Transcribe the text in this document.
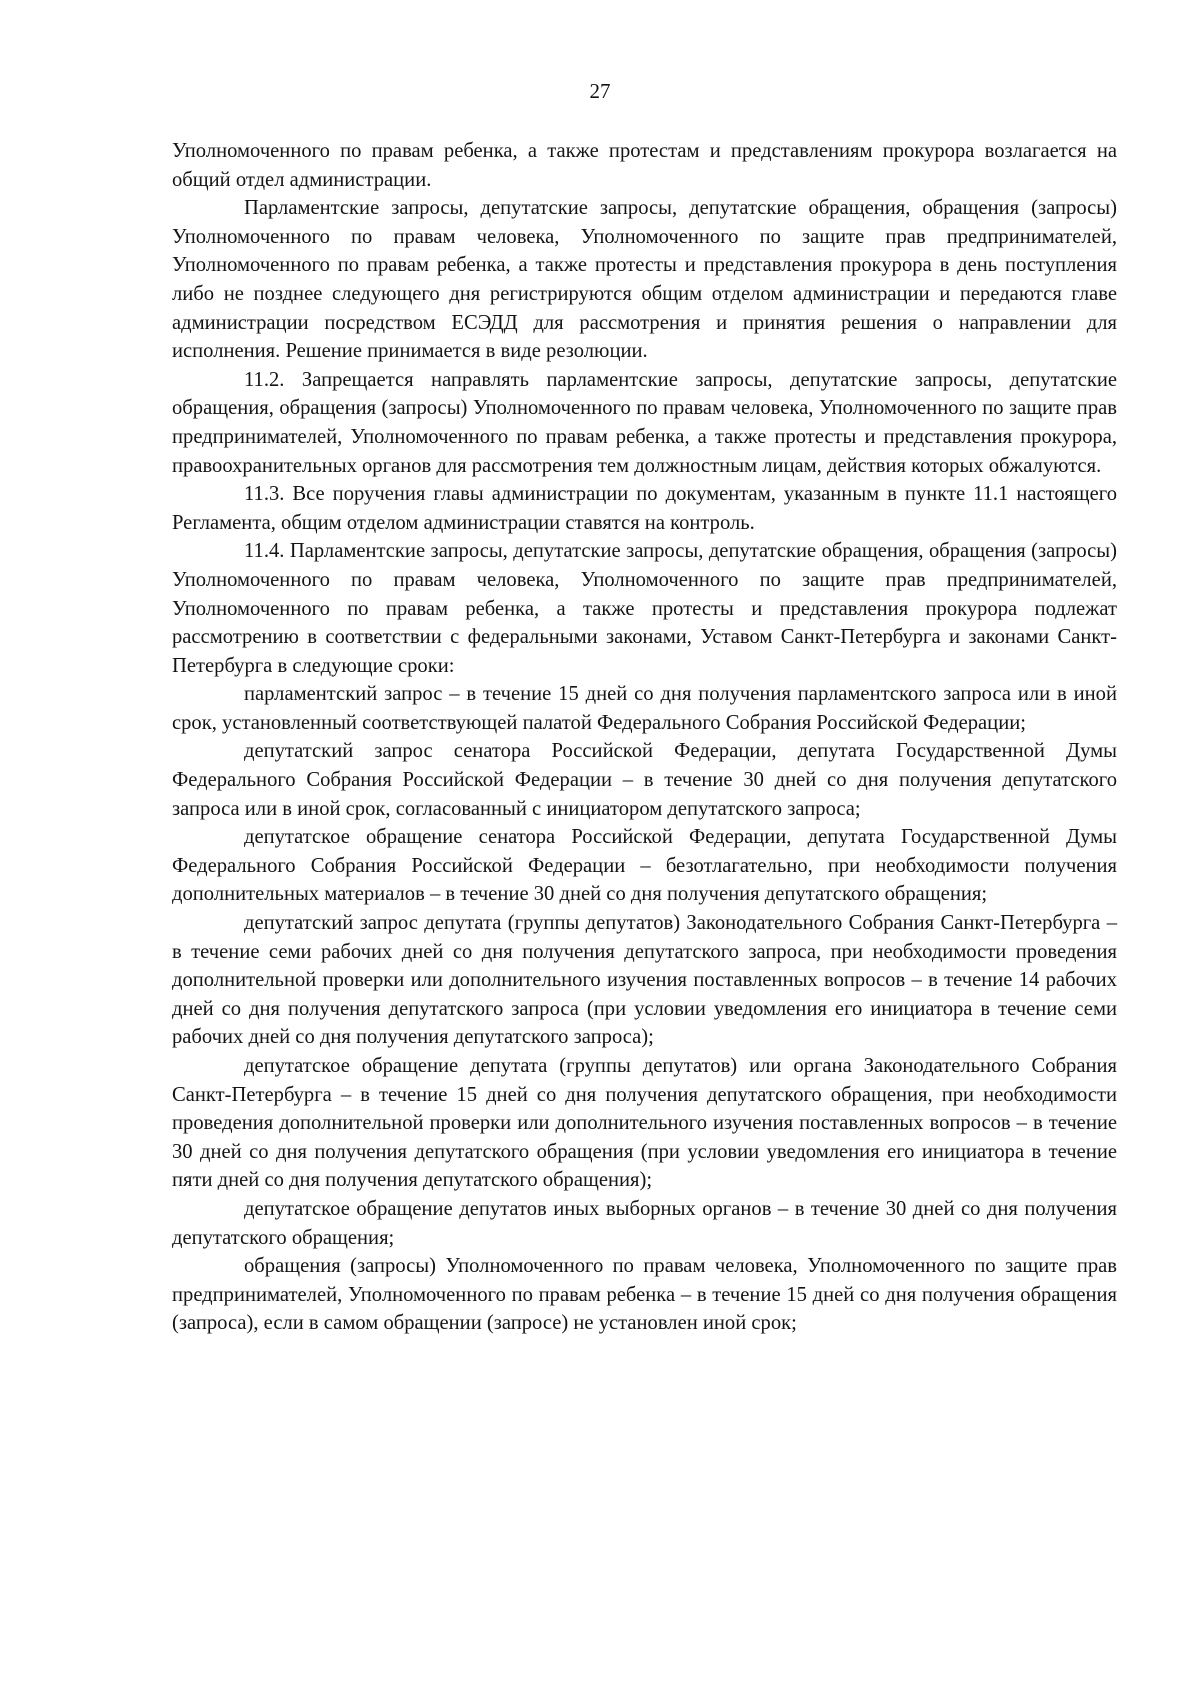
27

Уполномоченного по правам ребенка, а также протестам и представлениям прокурора возлагается на общий отдел администрации.

Парламентские запросы, депутатские запросы, депутатские обращения, обращения (запросы) Уполномоченного по правам человека, Уполномоченного по защите прав предпринимателей, Уполномоченного по правам ребенка, а также протесты и представления прокурора в день поступления либо не позднее следующего дня регистрируются общим отделом администрации и передаются главе администрации посредством ЕСЭДД для рассмотрения и принятия решения о направлении для исполнения. Решение принимается в виде резолюции.

11.2. Запрещается направлять парламентские запросы, депутатские запросы, депутатские обращения, обращения (запросы) Уполномоченного по правам человека, Уполномоченного по защите прав предпринимателей, Уполномоченного по правам ребенка, а также протесты и представления прокурора, правоохранительных органов для рассмотрения тем должностным лицам, действия которых обжалуются.

11.3. Все поручения главы администрации по документам, указанным в пункте 11.1 настоящего Регламента, общим отделом администрации ставятся на контроль.

11.4. Парламентские запросы, депутатские запросы, депутатские обращения, обращения (запросы) Уполномоченного по правам человека, Уполномоченного по защите прав предпринимателей, Уполномоченного по правам ребенка, а также протесты и представления прокурора подлежат рассмотрению в соответствии с федеральными законами, Уставом Санкт-Петербурга и законами Санкт-Петербурга в следующие сроки:

парламентский запрос – в течение 15 дней со дня получения парламентского запроса или в иной срок, установленный соответствующей палатой Федерального Собрания Российской Федерации;

депутатский запрос сенатора Российской Федерации, депутата Государственной Думы Федерального Собрания Российской Федерации – в течение 30 дней со дня получения депутатского запроса или в иной срок, согласованный с инициатором депутатского запроса;

депутатское обращение сенатора Российской Федерации, депутата Государственной Думы Федерального Собрания Российской Федерации – безотлагательно, при необходимости получения дополнительных материалов – в течение 30 дней со дня получения депутатского обращения;

депутатский запрос депутата (группы депутатов) Законодательного Собрания Санкт-Петербурга – в течение семи рабочих дней со дня получения депутатского запроса, при необходимости проведения дополнительной проверки или дополнительного изучения поставленных вопросов – в течение 14 рабочих дней со дня получения депутатского запроса (при условии уведомления его инициатора в течение семи рабочих дней со дня получения депутатского запроса);

депутатское обращение депутата (группы депутатов) или органа Законодательного Собрания Санкт-Петербурга – в течение 15 дней со дня получения депутатского обращения, при необходимости проведения дополнительной проверки или дополнительного изучения поставленных вопросов – в течение 30 дней со дня получения депутатского обращения (при условии уведомления его инициатора в течение пяти дней со дня получения депутатского обращения);

депутатское обращение депутатов иных выборных органов – в течение 30 дней со дня получения депутатского обращения;

обращения (запросы) Уполномоченного по правам человека, Уполномоченного по защите прав предпринимателей, Уполномоченного по правам ребенка – в течение 15 дней со дня получения обращения (запроса), если в самом обращении (запросе) не установлен иной срок;
